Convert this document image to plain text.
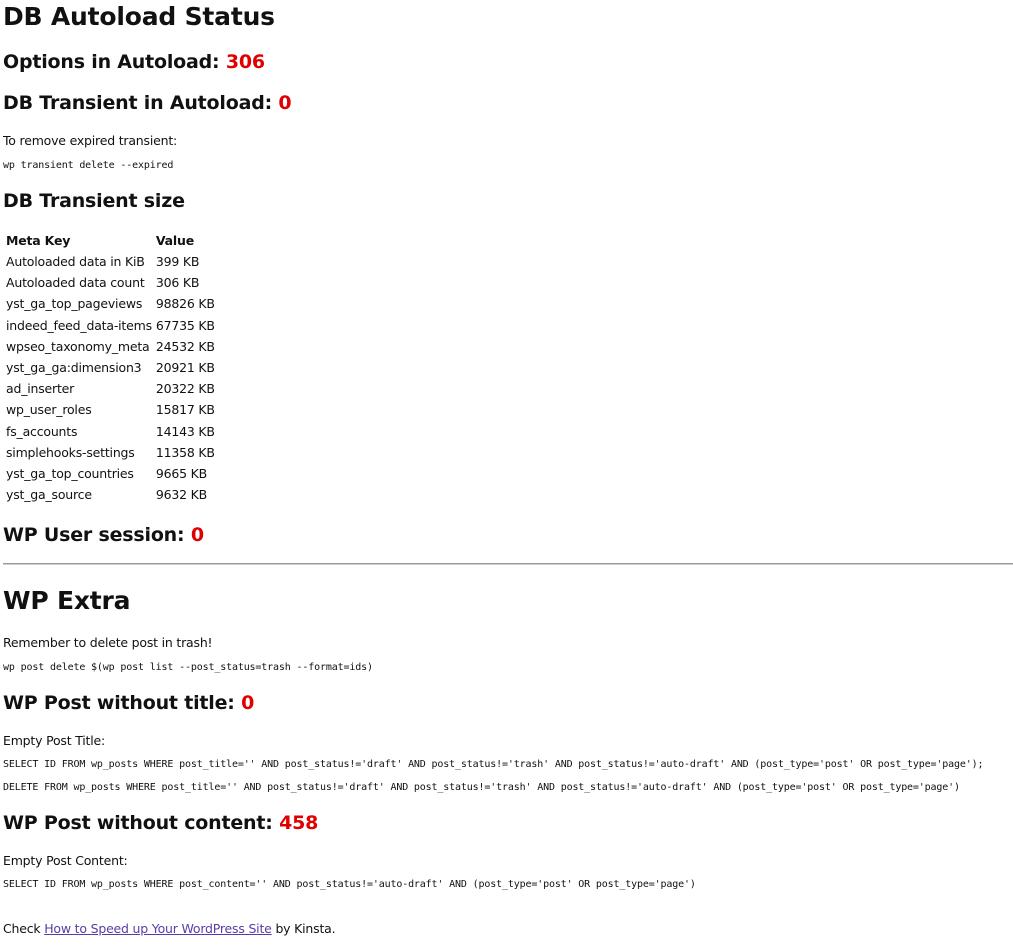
DB Autoload Status
Options in Autoload: 306
DB Transient in Autoload: 0

To remove expired transient:

wp transient delete --expired
DB Transient size
Meta Key	Value
Autoloaded data in KiB	399 KB
Autoloaded data count	306 KB
yst_ga_top_pageviews	98826 KB
indeed_feed_data-items	67735 KB
wpseo_taxonomy_meta	24532 KB
yst_ga_ga:dimension3	20921 KB
ad_inserter	20322 KB
wp_user_roles	15817 KB
fs_accounts	14143 KB
simplehooks-settings	11358 KB
yst_ga_top_countries	9665 KB
yst_ga_source	9632 KB
WP User session: 0
WP Extra

Remember to delete post in trash!

wp post delete $(wp post list --post_status=trash --format=ids)
WP Post without title: 0

Empty Post Title:

SELECT ID FROM wp_posts WHERE post_title='' AND post_status!='draft' AND post_status!='trash' AND post_status!='auto-draft' AND (post_type='post' OR post_type='page');
DELETE FROM wp_posts WHERE post_title='' AND post_status!='draft' AND post_status!='trash' AND post_status!='auto-draft' AND (post_type='post' OR post_type='page')
WP Post without content: 458

Empty Post Content:

SELECT ID FROM wp_posts WHERE post_content='' AND post_status!='auto-draft' AND (post_type='post' OR post_type='page')

Check How to Speed up Your WordPress Site by Kinsta.
